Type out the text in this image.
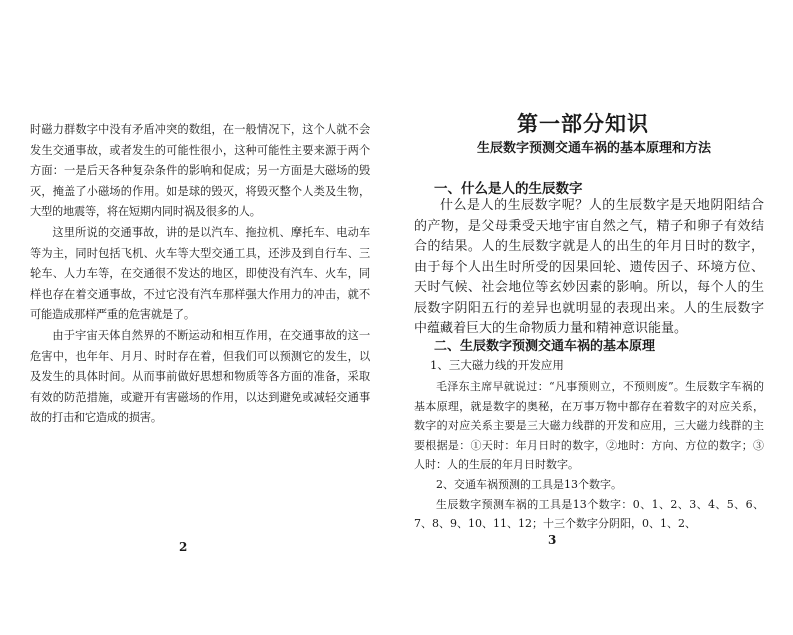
时磁力群数字中没有矛盾冲突的数组，在一般情况下，这个人就不会发生交通事故，或者发生的可能性很小，这种可能性主要来源于两个方面：一是后天各种复杂条件的影响和促成；另一方面是大磁场的毁灭，掩盖了小磁场的作用。如是球的毁灭，将毁灭整个人类及生物，大型的地震等，将在短期内同时祸及很多的人。

这里所说的交通事故，讲的是以汽车、拖拉机、摩托车、电动车等为主，同时包括飞机、火车等大型交通工具，还涉及到自行车、三轮车、人力车等，在交通很不发达的地区，即使没有汽车、火车，同样也存在着交通事故，不过它没有汽车那样强大作用力的冲击，就不可能造成那样严重的危害就是了。

由于宇宙天体自然界的不断运动和相互作用，在交通事故的这一危害中，也年年、月月、时时存在着，但我们可以预测它的发生，以及发生的具体时间。从而事前做好思想和物质等各方面的准备，采取有效的防范措施，或避开有害磁场的作用，以达到避免或减轻交通事故的打击和它造成的损害。

2
第一部分知识
生辰数字预测交通车祸的基本原理和方法
一、什么是人的生辰数字

什么是人的生辰数字呢？人的生辰数字是天地阴阳结合的产物，是父母秉受天地宇宙自然之气，精子和卵子有效结合的结果。人的生辰数字就是人的出生的年月日时的数字，由于每个人出生时所受的因果回轮、遗传因子、环境方位、天时气候、社会地位等玄妙因素的影响。所以，每个人的生辰数字阴阳五行的差异也就明显的表现出来。人的生辰数字中蕴藏着巨大的生命物质力量和精神意识能量。

二、生辰数字预测交通车祸的基本原理
1、三大磁力线的开发应用

毛泽东主席早就说过：“凡事预则立，不预则废”。生辰数字车祸的基本原理，就是数字的奥秘，在万事万物中都存在着数字的对应关系，数字的对应关系主要是三大磁力线群的开发和应用，三大磁力线群的主要根据是：①天时：年月日时的数字，②地时：方向、方位的数字；③人时：人的生辰的年月日时数字。

2、交通车祸预测的工具是13个数字。

生辰数字预测车祸的工具是13个数字：0、1、2、3、4、5、6、7、8、9、10、11、12；十三个数字分阴阳，0、1、2、

3
